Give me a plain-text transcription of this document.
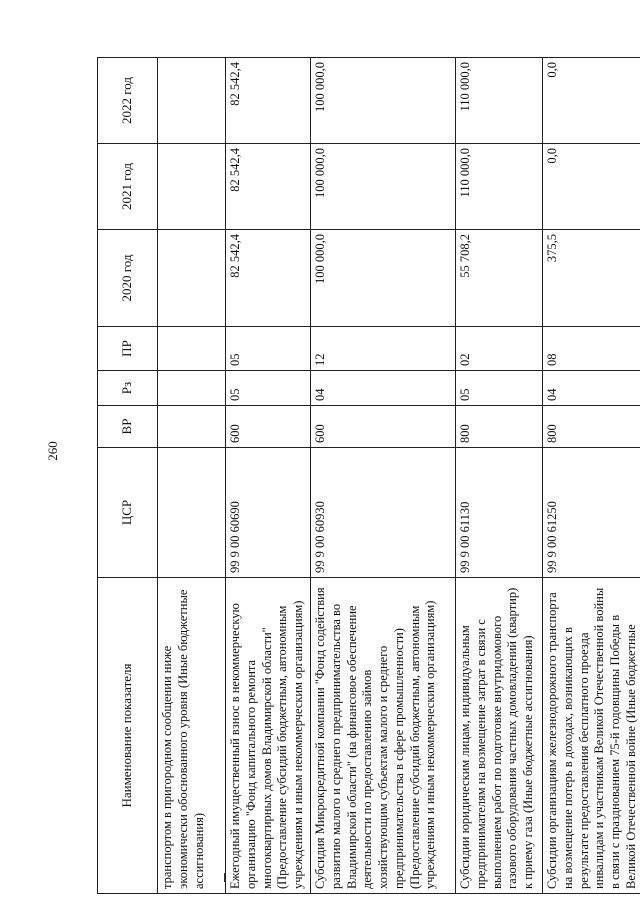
260
Наименование показателя	ЦСР	ВР	Рз	ПР	2020 год	2021 год	2022 год
транспортом в пригородном сообщении ниже экономически обоснованного уровня (Иные бюджетные ассигнования)							
Ежегодный имущественный взнос в некоммерческую организацию "Фонд капитального ремонта многоквартирных домов Владимирской области" (Предоставление субсидий бюджетным, автономным учреждениям и иным некоммерческим организациям)	99 9 00 60690	600	05	05	82 542,4	82 542,4	82 542,4
Субсидия Микрокредитной компании "Фонд содействия развитию малого и среднего предпринимательства во Владимирской области" (на финансовое обеспечение деятельности по предоставлению займов хозяйствующим субъектам малого и среднего предпринимательства в сфере промышленности) (Предоставление субсидий бюджетным, автономным учреждениям и иным некоммерческим организациям)	99 9 00 60930	600	04	12	100 000,0	100 000,0	100 000,0
Субсидии юридическим лицам, индивидуальным предпринимателям на возмещение затрат в связи с выполнением работ по подготовке внутридомового газового оборудования частных домовладений (квартир) к приему газа (Иные бюджетные ассигнования)	99 9 00 61130	800	05	02	55 708,2	110 000,0	110 000,0
Субсидии организациям железнодорожного транспорта на возмещение потерь в доходах, возникающих в результате предоставления бесплатного проезда инвалидам и участникам Великой Отечественной войны в связи с празднованием 75-й годовщины Победы в Великой Отечественной войне (Иные бюджетные	99 9 00 61250	800	04	08	375,5	0,0	0,0
